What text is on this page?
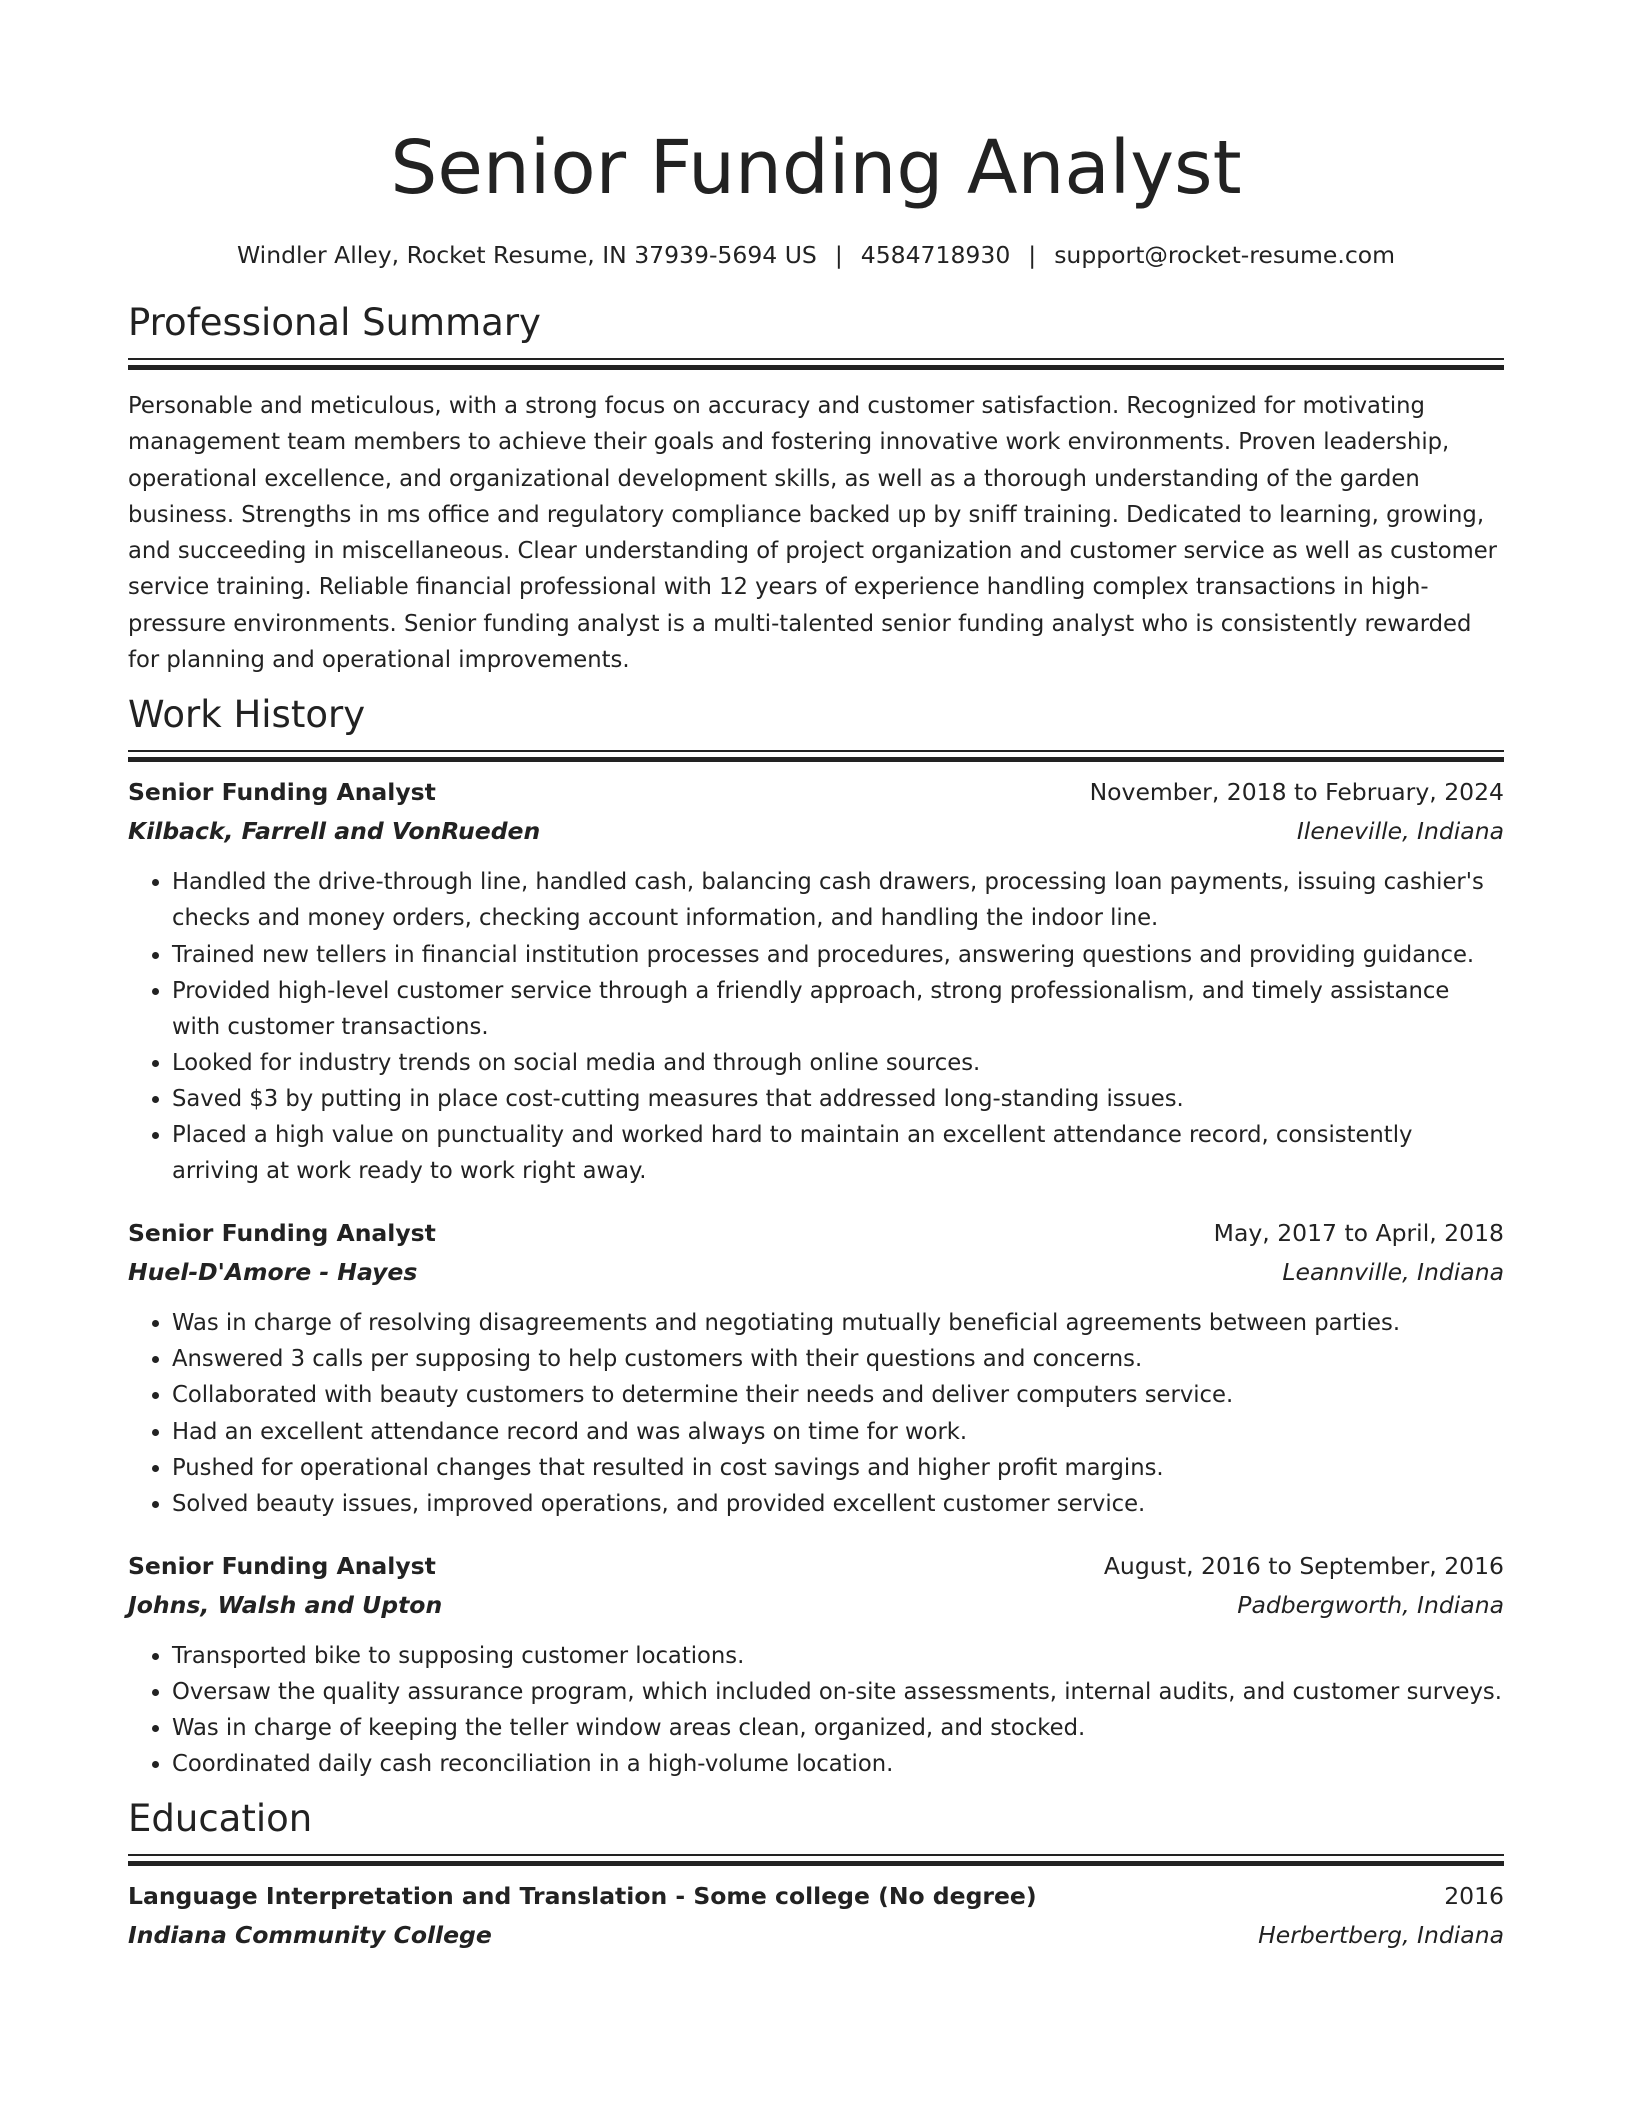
Senior Funding Analyst
Windler Alley, Rocket Resume, IN 37939-5694 US | 4584718930 | support@rocket-resume.com
Professional Summary
Personable and meticulous, with a strong focus on accuracy and customer satisfaction. Recognized for motivating management team members to achieve their goals and fostering innovative work environments. Proven leadership, operational excellence, and organizational development skills, as well as a thorough understanding of the garden business. Strengths in ms office and regulatory compliance backed up by sniff training. Dedicated to learning, growing, and succeeding in miscellaneous. Clear understanding of project organization and customer service as well as customer service training. Reliable financial professional with 12 years of experience handling complex transactions in high-pressure environments. Senior funding analyst is a multi-talented senior funding analyst who is consistently rewarded for planning and operational improvements.
Work History
Senior Funding Analyst	November, 2018 to February, 2024
Kilback, Farrell and VonRueden	Ileneville, Indiana
• Handled the drive-through line, handled cash, balancing cash drawers, processing loan payments, issuing cashier's checks and money orders, checking account information, and handling the indoor line.
• Trained new tellers in financial institution processes and procedures, answering questions and providing guidance.
• Provided high-level customer service through a friendly approach, strong professionalism, and timely assistance with customer transactions.
• Looked for industry trends on social media and through online sources.
• Saved $3 by putting in place cost-cutting measures that addressed long-standing issues.
• Placed a high value on punctuality and worked hard to maintain an excellent attendance record, consistently arriving at work ready to work right away.
Senior Funding Analyst	May, 2017 to April, 2018
Huel-D'Amore - Hayes	Leannville, Indiana
• Was in charge of resolving disagreements and negotiating mutually beneficial agreements between parties.
• Answered 3 calls per supposing to help customers with their questions and concerns.
• Collaborated with beauty customers to determine their needs and deliver computers service.
• Had an excellent attendance record and was always on time for work.
• Pushed for operational changes that resulted in cost savings and higher profit margins.
• Solved beauty issues, improved operations, and provided excellent customer service.
Senior Funding Analyst	August, 2016 to September, 2016
Johns, Walsh and Upton	Padbergworth, Indiana
• Transported bike to supposing customer locations.
• Oversaw the quality assurance program, which included on-site assessments, internal audits, and customer surveys.
• Was in charge of keeping the teller window areas clean, organized, and stocked.
• Coordinated daily cash reconciliation in a high-volume location.
Education
Language Interpretation and Translation - Some college (No degree)	2016
Indiana Community College	Herbertberg, Indiana
